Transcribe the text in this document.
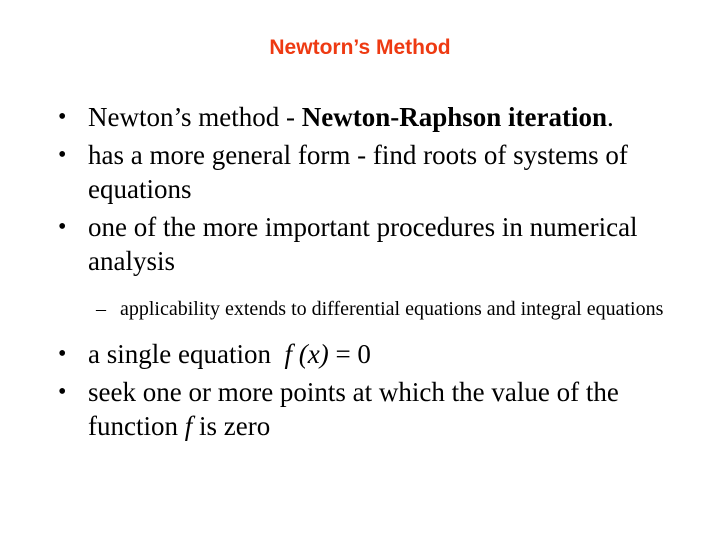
Newtorn’s Method
• Newton’s method - Newton-Raphson iteration.
• has a more general form - find roots of systems of equations
• one of the more important procedures in numerical analysis
– applicability extends to differential equations and integral equations
• a single equation f (x) = 0
• seek one or more points at which the value of the function f is zero
